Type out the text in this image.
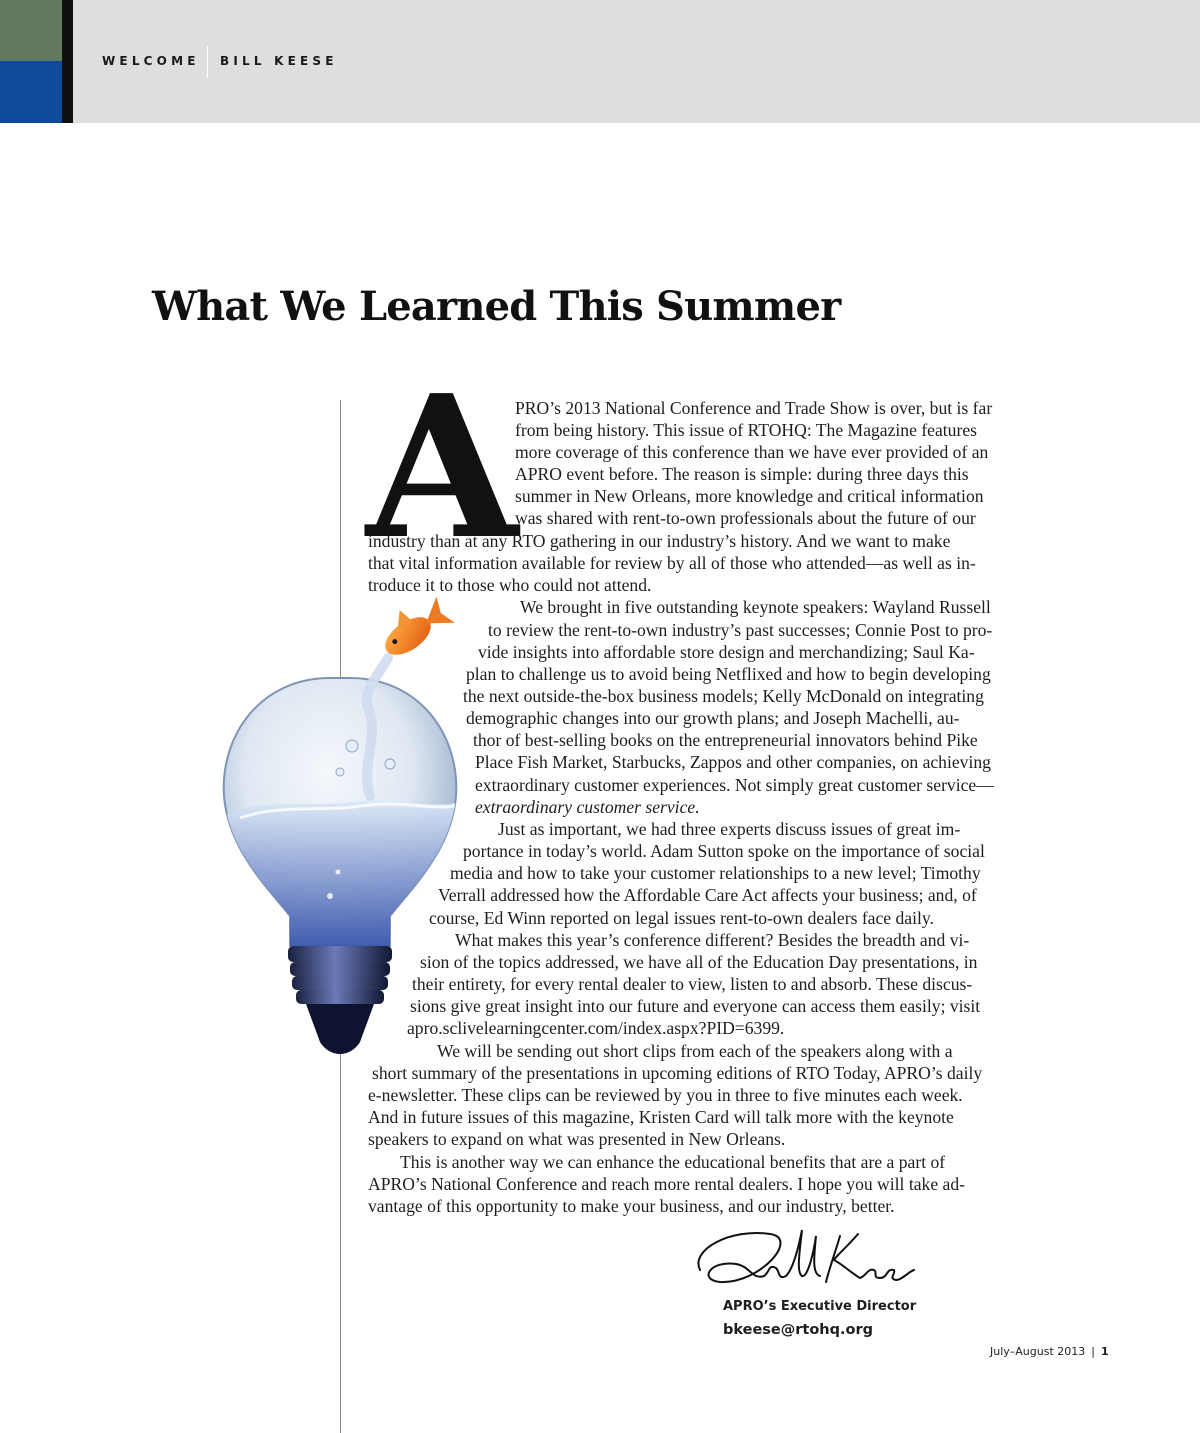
WELCOME BILL KEESE
What We Learned This Summer
A
PRO’s 2013 National Conference and Trade Show is over, but is far
from being history. This issue of RTOHQ: The Magazine features
more coverage of this conference than we have ever provided of an
APRO event before. The reason is simple: during three days this
summer in New Orleans, more knowledge and critical information
was shared with rent-to-own professionals about the future of our
industry than at any RTO gathering in our industry’s history. And we want to make
that vital information available for review by all of those who attended—as well as in-
troduce it to those who could not attend.
We brought in five outstanding keynote speakers: Wayland Russell
to review the rent-to-own industry’s past successes; Connie Post to pro-
vide insights into affordable store design and merchandizing; Saul Ka-
plan to challenge us to avoid being Netflixed and how to begin developing
the next outside-the-box business models; Kelly McDonald on integrating
demographic changes into our growth plans; and Joseph Machelli, au-
thor of best-selling books on the entrepreneurial innovators behind Pike
Place Fish Market, Starbucks, Zappos and other companies, on achieving
extraordinary customer experiences. Not simply great customer service—
extraordinary customer service.
Just as important, we had three experts discuss issues of great im-
portance in today’s world. Adam Sutton spoke on the importance of social
media and how to take your customer relationships to a new level; Timothy
Verrall addressed how the Affordable Care Act affects your business; and, of
course, Ed Winn reported on legal issues rent-to-own dealers face daily.
What makes this year’s conference different? Besides the breadth and vi-
sion of the topics addressed, we have all of the Education Day presentations, in
their entirety, for every rental dealer to view, listen to and absorb. These discus-
sions give great insight into our future and everyone can access them easily; visit
apro.sclivelearningcenter.com/index.aspx?PID=6399.
We will be sending out short clips from each of the speakers along with a
short summary of the presentations in upcoming editions of RTO Today, APRO’s daily
e-newsletter. These clips can be reviewed by you in three to five minutes each week.
And in future issues of this magazine, Kristen Card will talk more with the keynote
speakers to expand on what was presented in New Orleans.
This is another way we can enhance the educational benefits that are a part of
APRO’s National Conference and reach more rental dealers. I hope you will take ad-
vantage of this opportunity to make your business, and our industry, better.
APRO’s Executive Director
bkeese@rtohq.org
July–August 2013 | 1
